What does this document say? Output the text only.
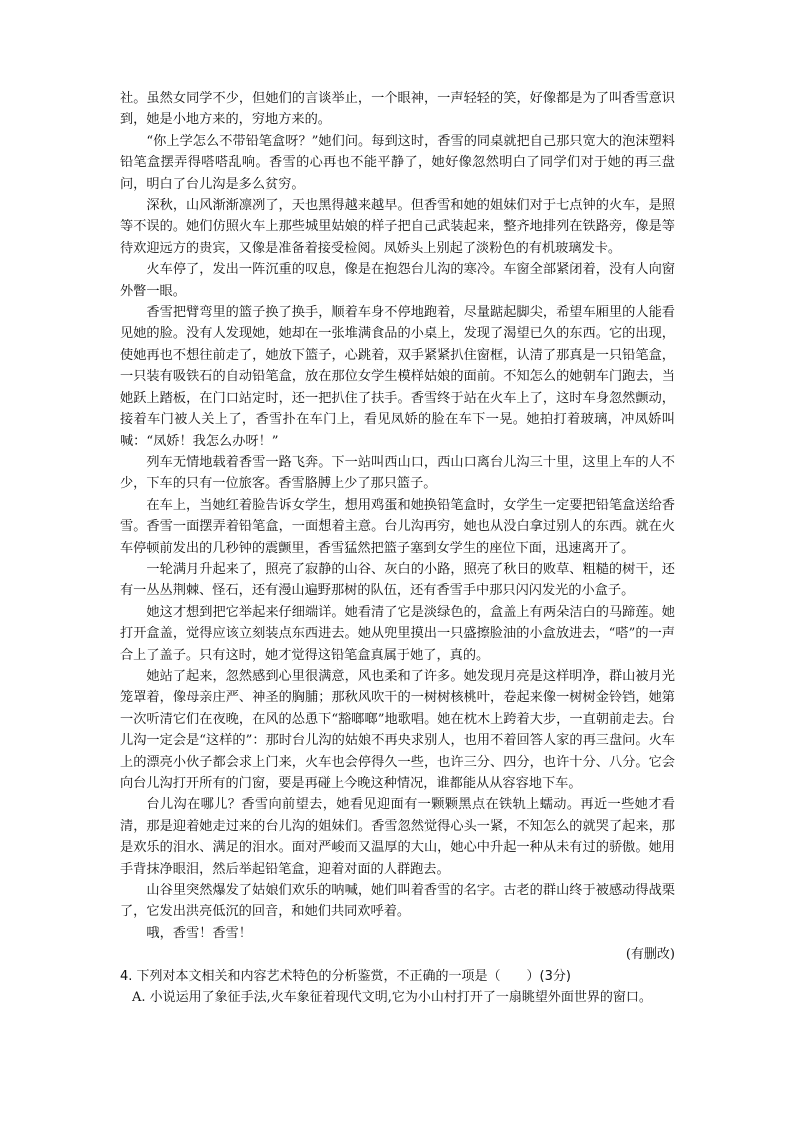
社。虽然女同学不少，但她们的言谈举止，一个眼神，一声轻轻的笑，好像都是为了叫香雪意识到，她是小地方来的，穷地方来的。

“你上学怎么不带铅笔盒呀？”她们问。每到这时，香雪的同桌就把自己那只宽大的泡沫塑料铅笔盒摆弄得嗒嗒乱响。香雪的心再也不能平静了，她好像忽然明白了同学们对于她的再三盘问，明白了台儿沟是多么贫穷。

深秋，山风渐渐凛冽了，天也黑得越来越早。但香雪和她的姐妹们对于七点钟的火车，是照等不误的。她们仿照火车上那些城里姑娘的样子把自己武装起来，整齐地排列在铁路旁，像是等待欢迎远方的贵宾，又像是准备着接受检阅。凤娇头上别起了淡粉色的有机玻璃发卡。

火车停了，发出一阵沉重的叹息，像是在抱怨台儿沟的寒冷。车窗全部紧闭着，没有人向窗外瞥一眼。

香雪把臂弯里的篮子换了换手，顺着车身不停地跑着，尽量踮起脚尖，希望车厢里的人能看见她的脸。没有人发现她，她却在一张堆满食品的小桌上，发现了渴望已久的东西。它的出现，使她再也不想往前走了，她放下篮子，心跳着，双手紧紧扒住窗框，认清了那真是一只铅笔盒，一只装有吸铁石的自动铅笔盒，放在那位女学生模样姑娘的面前。不知怎么的她朝车门跑去，当她跃上踏板，在门口站定时，还一把扒住了扶手。香雪终于站在火车上了，这时车身忽然颤动，接着车门被人关上了，香雪扑在车门上，看见凤娇的脸在车下一晃。她拍打着玻璃，冲凤娇叫喊：“凤娇！我怎么办呀！”

列车无情地载着香雪一路飞奔。下一站叫西山口，西山口离台儿沟三十里，这里上车的人不少，下车的只有一位旅客。香雪胳膊上少了那只篮子。

在车上，当她红着脸告诉女学生，想用鸡蛋和她换铅笔盒时，女学生一定要把铅笔盒送给香雪。香雪一面摆弄着铅笔盒，一面想着主意。台儿沟再穷，她也从没白拿过别人的东西。就在火车停顿前发出的几秒钟的震颤里，香雪猛然把篮子塞到女学生的座位下面，迅速离开了。

一轮满月升起来了，照亮了寂静的山谷、灰白的小路，照亮了秋日的败草、粗糙的树干，还有一丛丛荆棘、怪石，还有漫山遍野那树的队伍，还有香雪手中那只闪闪发光的小盒子。

她这才想到把它举起来仔细端详。她看清了它是淡绿色的，盒盖上有两朵洁白的马蹄莲。她打开盒盖，觉得应该立刻装点东西进去。她从兜里摸出一只盛擦脸油的小盒放进去，“嗒”的一声合上了盖子。只有这时，她才觉得这铅笔盒真属于她了，真的。

她站了起来，忽然感到心里很满意，风也柔和了许多。她发现月亮是这样明净，群山被月光笼罩着，像母亲庄严、神圣的胸脯；那秋风吹干的一树树核桃叶，卷起来像一树树金铃铛，她第一次听清它们在夜晚，在风的怂恿下“豁啷啷”地歌唱。她在枕木上跨着大步，一直朝前走去。台儿沟一定会是“这样的”：那时台儿沟的姑娘不再央求别人，也用不着回答人家的再三盘问。火车上的漂亮小伙子都会求上门来，火车也会停得久一些，也许三分、四分，也许十分、八分。它会向台儿沟打开所有的门窗，要是再碰上今晚这种情况，谁都能从从容容地下车。

台儿沟在哪儿？香雪向前望去，她看见迎面有一颗颗黑点在铁轨上蠕动。再近一些她才看清，那是迎着她走过来的台儿沟的姐妹们。香雪忽然觉得心头一紧，不知怎么的就哭了起来，那是欢乐的泪水、满足的泪水。面对严峻而又温厚的大山，她心中升起一种从未有过的骄傲。她用手背抹净眼泪，然后举起铅笔盒，迎着对面的人群跑去。

山谷里突然爆发了姑娘们欢乐的呐喊，她们叫着香雪的名字。古老的群山终于被感动得战栗了，它发出洪亮低沉的回音，和她们共同欢呼着。

哦，香雪！香雪！

(有删改)

4. 下列对本文相关和内容艺术特色的分析鉴赏，不正确的一项是（　　）(3分)

A. 小说运用了象征手法,火车象征着现代文明,它为小山村打开了一扇眺望外面世界的窗口。
